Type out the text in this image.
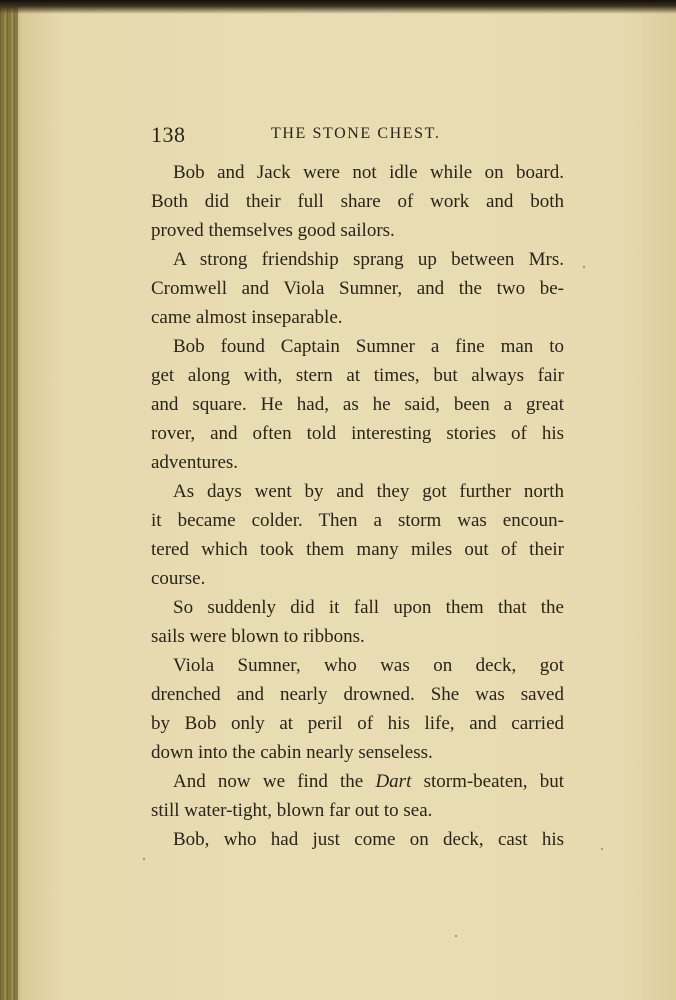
138	THE STONE CHEST.
Bob and Jack were not idle while on board.
Both did their full share of work and both
proved themselves good sailors.
A strong friendship sprang up between Mrs.
Cromwell and Viola Sumner, and the two be-
came almost inseparable.
Bob found Captain Sumner a fine man to
get along with, stern at times, but always fair
and square. He had, as he said, been a great
rover, and often told interesting stories of his
adventures.
As days went by and they got further north
it became colder. Then a storm was encoun-
tered which took them many miles out of their
course.
So suddenly did it fall upon them that the
sails were blown to ribbons.
Viola Sumner, who was on deck, got
drenched and nearly drowned. She was saved
by Bob only at peril of his life, and carried
down into the cabin nearly senseless.
And now we find the Dart storm-beaten, but
still water-tight, blown far out to sea.
Bob, who had just come on deck, cast his
